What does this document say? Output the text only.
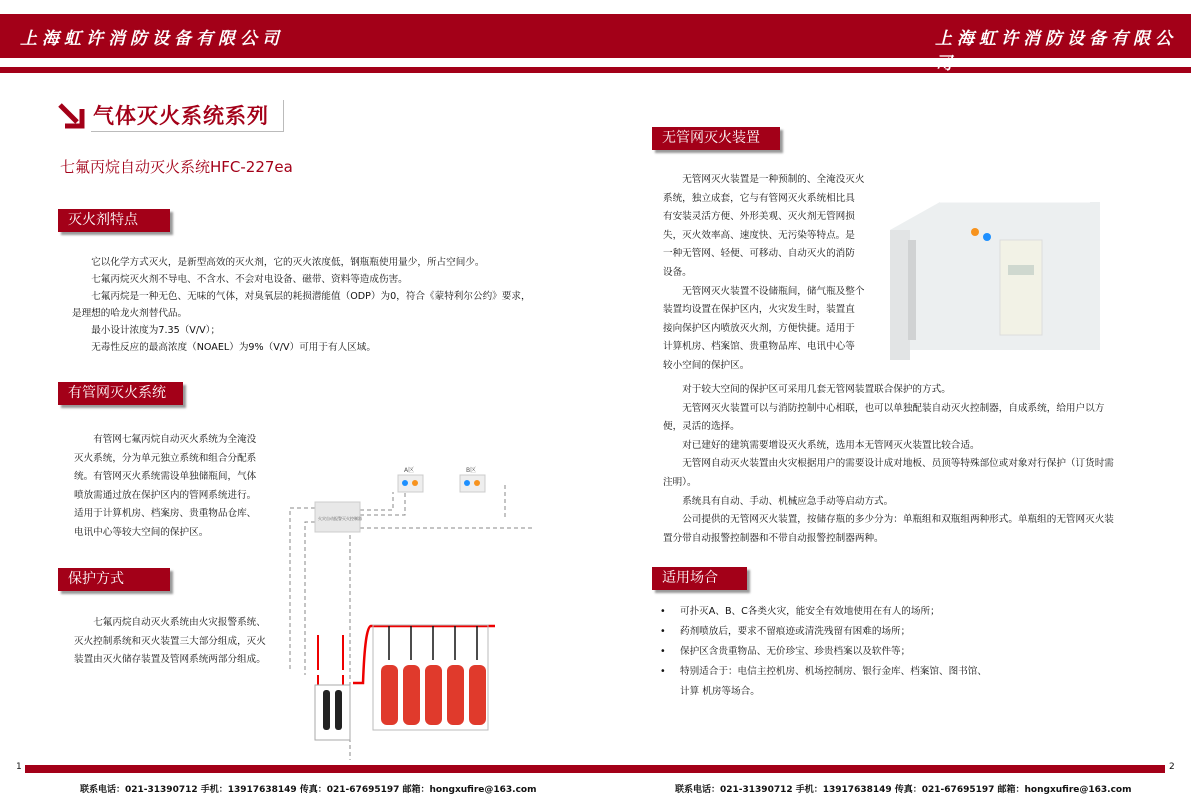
上海虹许消防设备有限公司	上海虹许消防设备有限公司
气体灭火系统系列
七氟丙烷自动灭火系统HFC-227ea
灭火剂特点
它以化学方式灭火，是新型高效的灭火剂，它的灭火浓度低，钢瓶瓶使用量少，所占空间少。
七氟丙烷灭火剂不导电、不含水、不会对电设备、磁带、资料等造成伤害。
七氟丙烷是一种无色、无味的气体，对臭氧层的耗损潜能值（ODP）为0，符合《蒙特利尔公约》要求，
是理想的哈龙火剂替代品。
最小设计浓度为7.35（V/V）；
无毒性反应的最高浓度（NOAEL）为9%（V/V）可用于有人区域。
有管网灭火系统
有管网七氟丙烷自动灭火系统为全淹没
灭火系统，分为单元独立系统和组合分配系
统。有管网灭火系统需设单独储瓶间，气体
喷放需通过放在保护区内的管网系统进行。
适用于计算机房、档案房、贵重物品仓库、
电讯中心等较大空间的保护区。
保护方式
七氟丙烷自动灭火系统由火灾报警系统、
灭火控制系统和灭火装置三大部分组成，灭火
装置由灭火储存装置及管网系统两部分组成。
A区	B区
火灾自动报警灭火控制器
无管网灭火装置
无管网灭火装置是一种预制的、全淹没灭火
系统，独立成套，它与有管网灭火系统相比具
有安装灵活方便、外形美观、灭火剂无管网损
失，灭火效率高、速度快、无污染等特点。是
一种无管网、轻便、可移动、自动灭火的消防
设备。
无管网灭火装置不设储瓶间，储气瓶及整个
装置均设置在保护区内，火灾发生时，装置直
接向保护区内喷放灭火剂，方便快捷。适用于
计算机房、档案馆、贵重物品库、电讯中心等
较小空间的保护区。
对于较大空间的保护区可采用几套无管网装置联合保护的方式。
无管网灭火装置可以与消防控制中心相联，也可以单独配装自动灭火控制器，自成系统，给用户以方
便，灵活的选择。
对已建好的建筑需要增设灭火系统，选用本无管网灭火装置比较合适。
无管网自动灭火装置由火灾根据用户的需要设计成对地板、员顶等特殊部位或对象对行保护（订货时需
注明）。
系统具有自动、手动、机械应急手动等启动方式。
公司提供的无管网灭火装置，按储存瓶的多少分为：单瓶组和双瓶组两种形式。单瓶组的无管网灭火装
置分带自动报警控制器和不带自动报警控制器两种。
适用场合
•	可扑灭A、B、C各类火灾，能安全有效地使用在有人的场所；
•	药剂喷放后，要求不留痕迹或清洗残留有困难的场所；
•	保护区含贵重物品、无价珍宝、珍贵档案以及软件等；
•	特别适合于：电信主控机房、机场控制房、银行金库、档案馆、图书馆、
计算 机房等场合。
1	2
联系电话：021-31390712 手机：13917638149 传真：021-67695197 邮箱：hongxufire@163.com	联系电话：021-31390712 手机：13917638149 传真：021-67695197 邮箱：hongxufire@163.com
